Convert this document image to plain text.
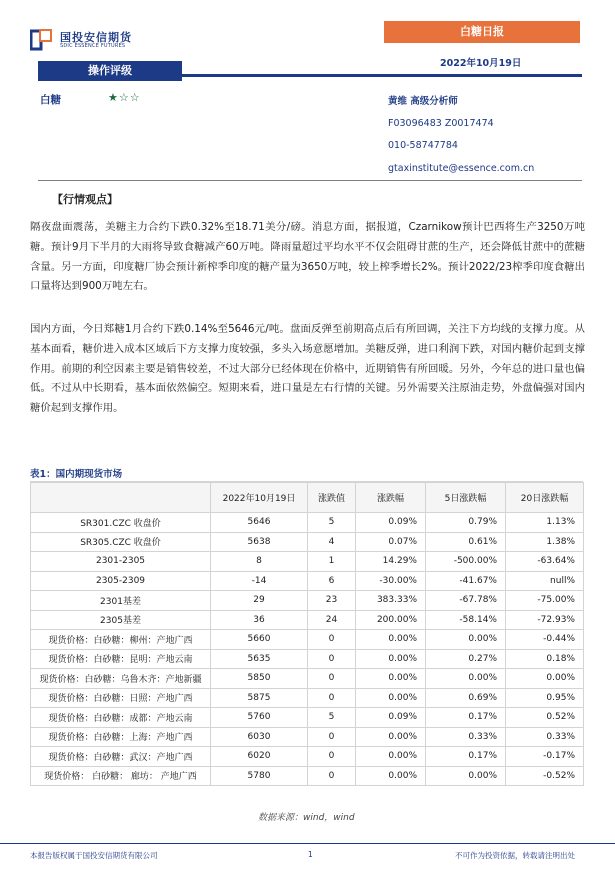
国投安信期货
SDIC ESSENCE FUTURES
白糖日报
2022年10月19日
操作评级
白糖	★☆☆	黄维 高级分析师
F03096483 Z0017474
010-58747784
gtaxinstitute@essence.com.cn
【行情观点】

隔夜盘面震荡，美糖主力合约下跌0.32%至18.71美分/磅。消息方面，据报道，Czarnikow预计巴西将生产3250万吨糖。预计9月下半月的大雨将导致食糖减产60万吨。降雨量超过平均水平不仅会阻碍甘蔗的生产，还会降低甘蔗中的蔗糖含量。另一方面，印度糖厂协会预计新榨季印度的糖产量为3650万吨，较上榨季增长2%。预计2022/23榨季印度食糖出口量将达到900万吨左右。

国内方面，今日郑糖1月合约下跌0.14%至5646元/吨。盘面反弹至前期高点后有所回调，关注下方均线的支撑力度。从基本面看，糖价进入成本区域后下方支撑力度较强，多头入场意愿增加。美糖反弹，进口利润下跌，对国内糖价起到支撑作用。前期的利空因素主要是销售较差，不过大部分已经体现在价格中，近期销售有所回暖。另外，今年总的进口量也偏低。不过从中长期看，基本面依然偏空。短期来看，进口量是左右行情的关键。另外需要关注原油走势，外盘偏强对国内糖价起到支撑作用。

表1：国内期现货市场
	2022年10月19日	涨跌值	涨跌幅	5日涨跌幅	20日涨跌幅
SR301.CZC 收盘价	5646	5	0.09%	0.79%	1.13%
SR305.CZC 收盘价	5638	4	0.07%	0.61%	1.38%
2301-2305	8	1	14.29%	-500.00%	-63.64%
2305-2309	-14	6	-30.00%	-41.67%	null%
2301基差	29	23	383.33%	-67.78%	-75.00%
2305基差	36	24	200.00%	-58.14%	-72.93%
现货价格：白砂糖：柳州：产地广西	5660	0	0.00%	0.00%	-0.44%
现货价格：白砂糖：昆明：产地云南	5635	0	0.00%	0.27%	0.18%
现货价格：白砂糖：乌鲁木齐：产地新疆	5850	0	0.00%	0.00%	0.00%
现货价格：白砂糖：日照：产地广西	5875	0	0.00%	0.69%	0.95%
现货价格：白砂糖：成都：产地云南	5760	5	0.09%	0.17%	0.52%
现货价格：白砂糖：上海：产地广西	6030	0	0.00%	0.33%	0.33%
现货价格：白砂糖：武汉：产地广西	6020	0	0.00%	0.17%	-0.17%
现货价格： 白砂糖： 廊坊： 产地广西	5780	0	0.00%	0.00%	-0.52%
数据来源：wind，wind
本报告版权属于国投安信期货有限公司	1	不可作为投资依据，转载请注明出处
